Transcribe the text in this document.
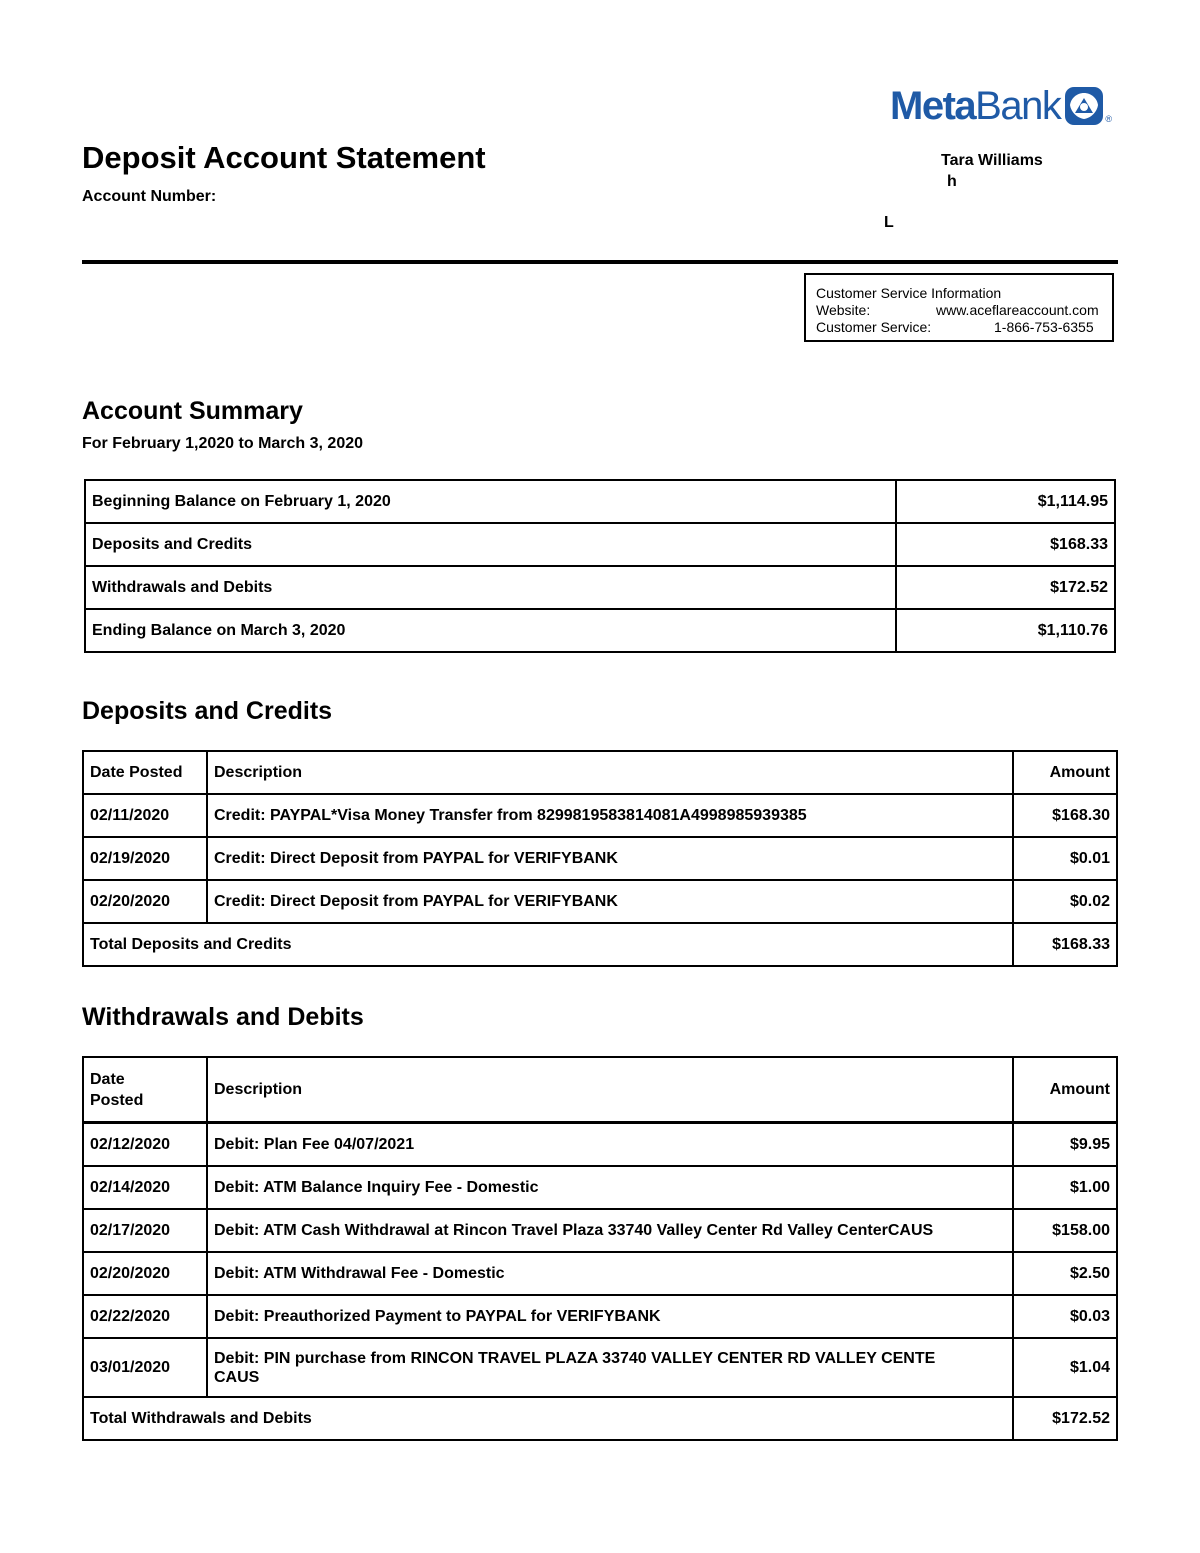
Meta Bank	®
Deposit Account Statement
Account Number:
Tara Williams
h
L
Customer Service Information
Website:	www.aceflareaccount.com
Customer Service:	1-866-753-6355
Account Summary
For February 1,2020 to March 3, 2020
Beginning Balance on February 1, 2020	$1,114.95
Deposits and Credits	$168.33
Withdrawals and Debits	$172.52
Ending Balance on March 3, 2020	$1,110.76
Deposits and Credits
Date Posted	Description	Amount
02/11/2020	Credit: PAYPAL*Visa Money Transfer from 8299819583814081A4998985939385	$168.30
02/19/2020	Credit: Direct Deposit from PAYPAL for VERIFYBANK	$0.01
02/20/2020	Credit: Direct Deposit from PAYPAL for VERIFYBANK	$0.02
Total Deposits and Credits		$168.33
Withdrawals and Debits
Date
Posted	Description	Amount
02/12/2020	Debit: Plan Fee 04/07/2021	$9.95
02/14/2020	Debit: ATM Balance Inquiry Fee - Domestic	$1.00
02/17/2020	Debit: ATM Cash Withdrawal at Rincon Travel Plaza 33740 Valley Center Rd Valley CenterCAUS	$158.00
02/20/2020	Debit: ATM Withdrawal Fee - Domestic	$2.50
02/22/2020	Debit: Preauthorized Payment to PAYPAL for VERIFYBANK	$0.03
03/01/2020	Debit: PIN purchase from RINCON TRAVEL PLAZA 33740 VALLEY CENTER RD VALLEY CENTE CAUS	$1.04
Total Withdrawals and Debits		$172.52
